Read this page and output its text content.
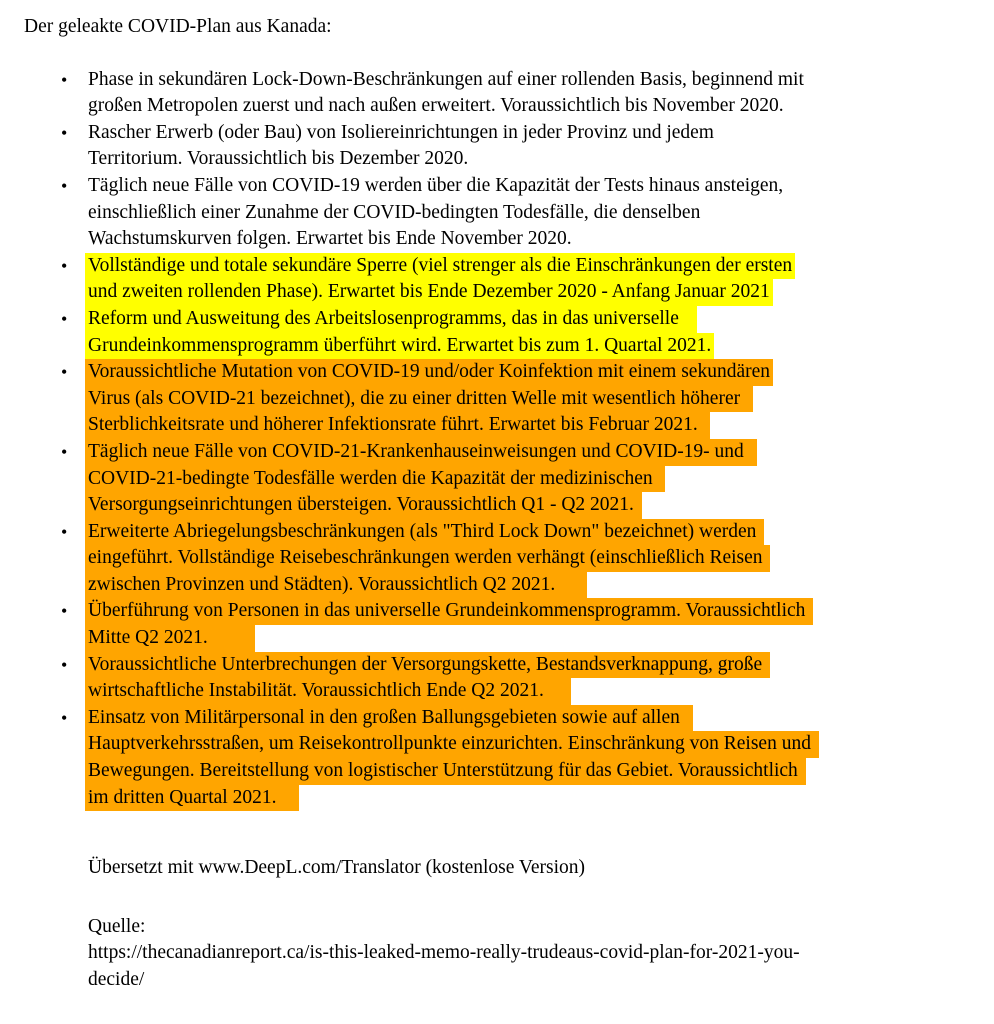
Der geleakte COVID-Plan aus Kanada:
• Phase in sekundären Lock-Down-Beschränkungen auf einer rollenden Basis, beginnend mit
großen Metropolen zuerst und nach außen erweitert. Voraussichtlich bis November 2020.
• Rascher Erwerb (oder Bau) von Isoliereinrichtungen in jeder Provinz und jedem
Territorium. Voraussichtlich bis Dezember 2020.
• Täglich neue Fälle von COVID-19 werden über die Kapazität der Tests hinaus ansteigen,
einschließlich einer Zunahme der COVID-bedingten Todesfälle, die denselben
Wachstumskurven folgen. Erwartet bis Ende November 2020.
• Vollständige und totale sekundäre Sperre (viel strenger als die Einschränkungen der ersten
und zweiten rollenden Phase). Erwartet bis Ende Dezember 2020 - Anfang Januar 2021
• Reform und Ausweitung des Arbeitslosenprogramms, das in das universelle
Grundeinkommensprogramm überführt wird. Erwartet bis zum 1. Quartal 2021.
• Voraussichtliche Mutation von COVID-19 und/oder Koinfektion mit einem sekundären
Virus (als COVID-21 bezeichnet), die zu einer dritten Welle mit wesentlich höherer
Sterblichkeitsrate und höherer Infektionsrate führt. Erwartet bis Februar 2021.
• Täglich neue Fälle von COVID-21-Krankenhauseinweisungen und COVID-19- und
COVID-21-bedingte Todesfälle werden die Kapazität der medizinischen
Versorgungseinrichtungen übersteigen. Voraussichtlich Q1 - Q2 2021.
• Erweiterte Abriegelungsbeschränkungen (als "Third Lock Down" bezeichnet) werden
eingeführt. Vollständige Reisebeschränkungen werden verhängt (einschließlich Reisen
zwischen Provinzen und Städten). Voraussichtlich Q2 2021.
• Überführung von Personen in das universelle Grundeinkommensprogramm. Voraussichtlich
Mitte Q2 2021.
• Voraussichtliche Unterbrechungen der Versorgungskette, Bestandsverknappung, große
wirtschaftliche Instabilität. Voraussichtlich Ende Q2 2021.
• Einsatz von Militärpersonal in den großen Ballungsgebieten sowie auf allen
Hauptverkehrsstraßen, um Reisekontrollpunkte einzurichten. Einschränkung von Reisen und
Bewegungen. Bereitstellung von logistischer Unterstützung für das Gebiet. Voraussichtlich
im dritten Quartal 2021.
Übersetzt mit www.DeepL.com/Translator (kostenlose Version)
Quelle:
https://thecanadianreport.ca/is-this-leaked-memo-really-trudeaus-covid-plan-for-2021-you-
decide/
